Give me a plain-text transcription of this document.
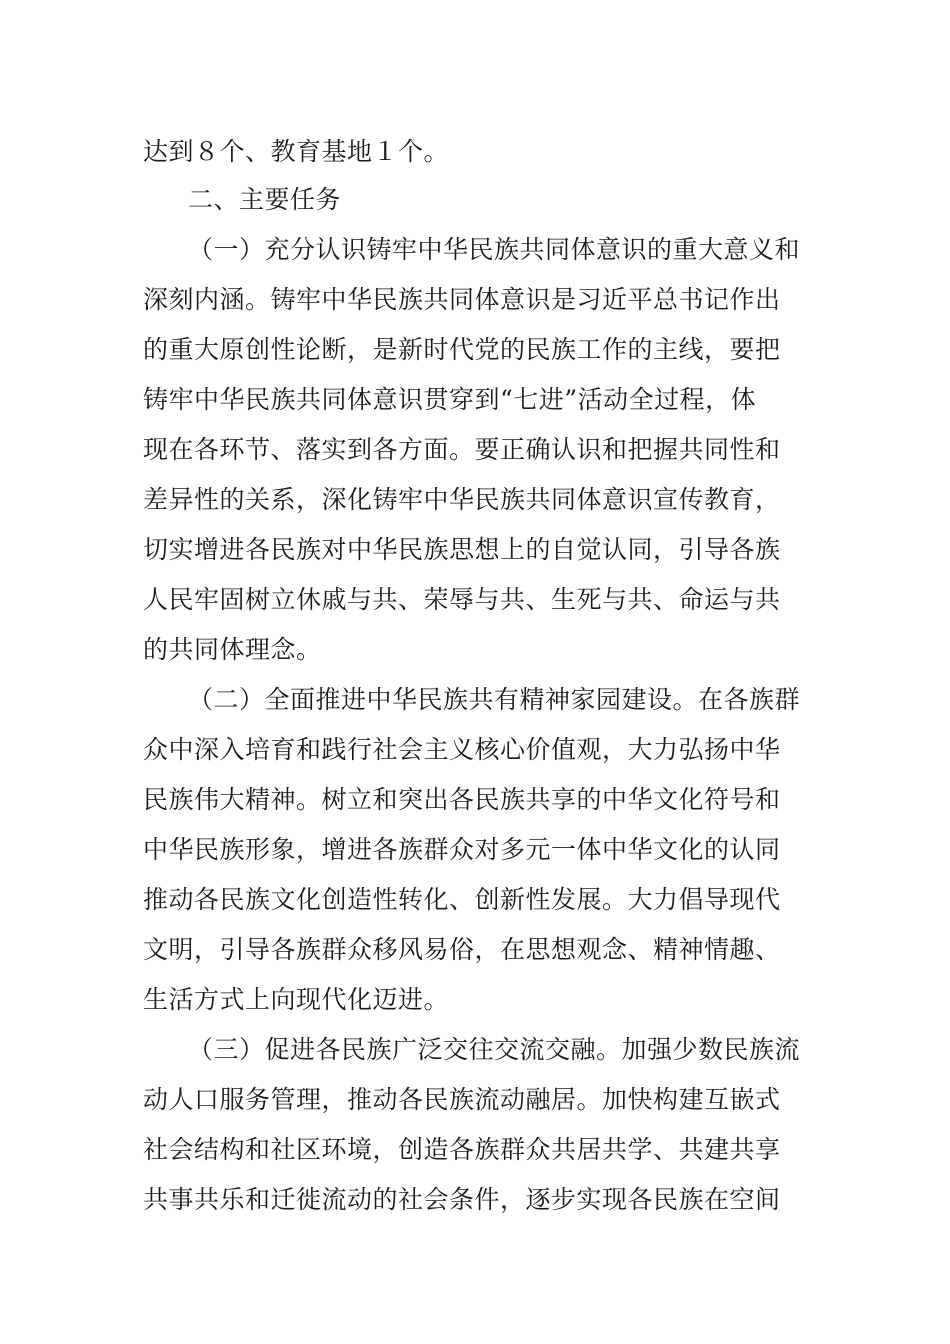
达到８个、教育基地１个。
二、主要任务
（一）充分认识铸牢中华民族共同体意识的重大意义和
深刻内涵。铸牢中华民族共同体意识是习近平总书记作出
的重大原创性论断，是新时代党的民族工作的主线，要把
铸牢中华民族共同体意识贯穿到“七进”活动全过程，体
现在各环节、落实到各方面。要正确认识和把握共同性和
差异性的关系，深化铸牢中华民族共同体意识宣传教育，
切实增进各民族对中华民族思想上的自觉认同，引导各族
人民牢固树立休戚与共、荣辱与共、生死与共、命运与共
的共同体理念。
（二）全面推进中华民族共有精神家园建设。在各族群
众中深入培育和践行社会主义核心价值观，大力弘扬中华
民族伟大精神。树立和突出各民族共享的中华文化符号和
中华民族形象，增进各族群众对多元一体中华文化的认同
推动各民族文化创造性转化、创新性发展。大力倡导现代
文明，引导各族群众移风易俗，在思想观念、精神情趣、
生活方式上向现代化迈进。
（三）促进各民族广泛交往交流交融。加强少数民族流
动人口服务管理，推动各民族流动融居。加快构建互嵌式
社会结构和社区环境，创造各族群众共居共学、共建共享
共事共乐和迁徙流动的社会条件，逐步实现各民族在空间
